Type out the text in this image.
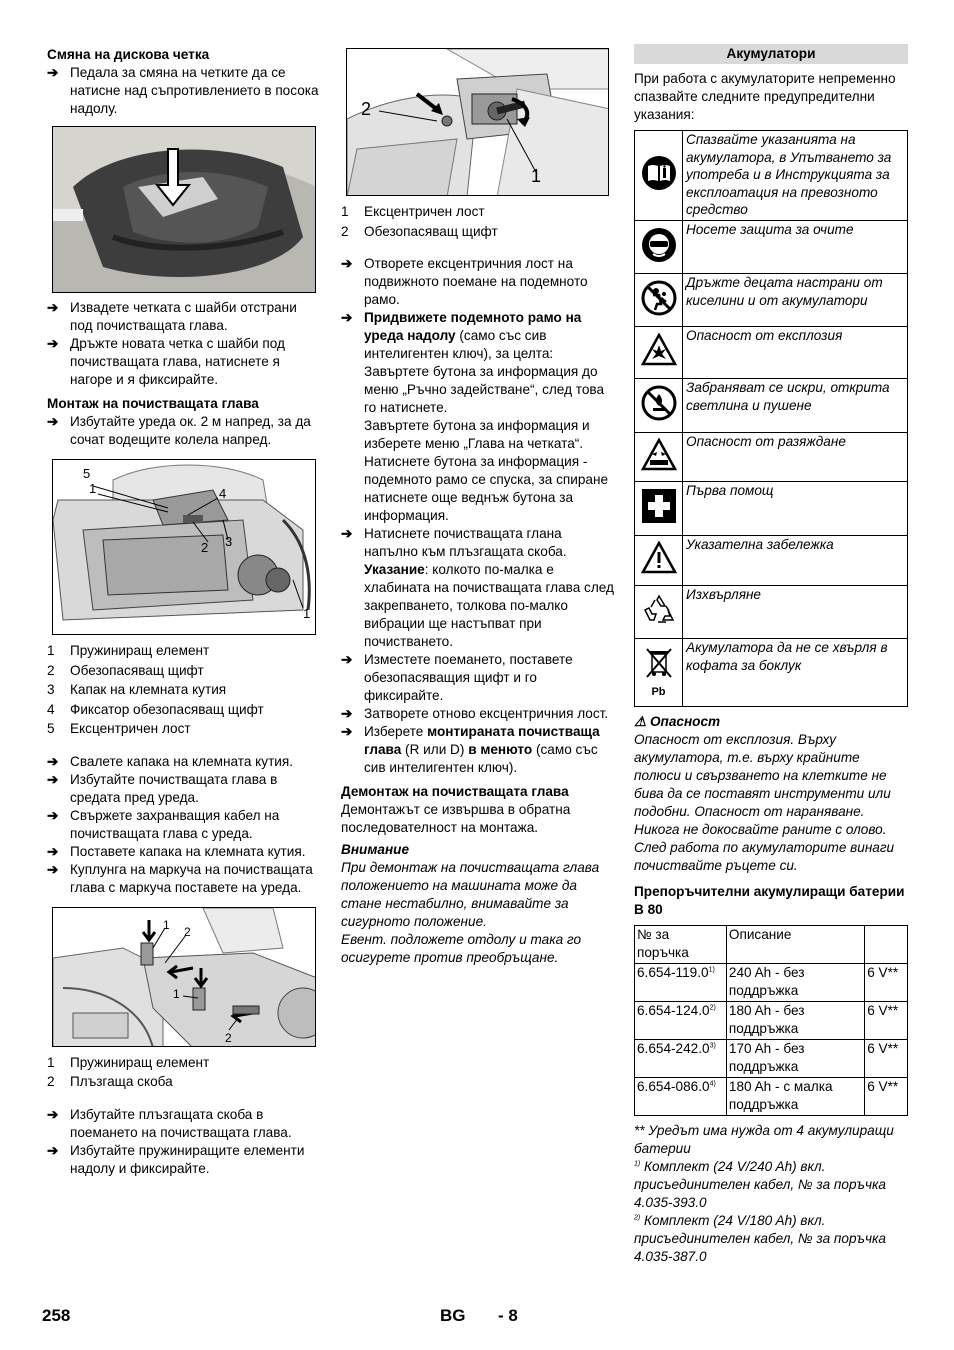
Смяна на дискова четка
➔ Педала за смяна на четките да се натисне над съпротивлението в посока надолу.
➔ Извадете четката с шайби отстрани под почистващата глава.
➔ Дръжте новата четка с шайби под почистващата глава, натиснете я нагоре и я фиксирайте.
Монтаж на почистващата глава
➔ Избутайте уреда ок. 2 м напред, за да сочат водещите колела напред.
5
1	4
2 3
1
1	Пружиниращ елемент
2	Обезопасяващ щифт
3	Капак на клемната кутия
4	Фиксатор обезопасяващ щифт
5	Ексцентричен лост
➔ Свалете капака на клемната кутия.
➔ Избутайте почистващата глава в средата пред уреда.
➔ Свържете захранващия кабел на почистващата глава с уреда.
➔ Поставете капака на клемната кутия.
➔ Куплунга на маркуча на почистващата глава с маркуча поставете на уреда.
1 2
1
2
1	Пружиниращ елемент
2	Плъзгаща скоба
➔ Избутайте плъзгащата скоба в поемането на почистващата глава.
➔ Избутайте пружиниращите елементи надолу и фиксирайте.
2
1
1	Ексцентричен лост
2	Обезопасяващ щифт
➔ Отворете ексцентричния лост на подвижното поемане на подемното рамо.
➔ Придвижете подемното рамо на уреда надолу (само със сив интелигентен ключ), за целта:
Завъртете бутона за информация до меню „Ръчно задействане“, след това го натиснете.
Завъртете бутона за информация и изберете меню „Глава на четката“.
Натиснете бутона за информация - подемното рамо се спуска, за спиране натиснете още веднъж бутона за информация.
➔ Натиснете почистващата глана напълно към плъзгащата скоба.
Указание: колкото по-малка е хлабината на почистващата глава след закрепването, толкова по-малко вибрации ще настъпват при почистването.
➔ Изместете поемането, поставете обезопасяващия щифт и го фиксирайте.
➔ Затворете отново ексцентричния лост.
➔ Изберете монтираната почистваща глава (R или D) в менюто (само със сив интелигентен ключ).
Демонтаж на почистващата глава
Демонтажът се извършва в обратна последователност на монтажа.
Внимание
При демонтаж на почистващата глава положението на машината може да стане нестабилно, внимавайте за сигурното положение.
Евент. подложете отдолу и така го осигурете против преобръщане.
Акумулатори
При работа с акумулаторите непременно спазвайте следните предупредителни указания:
	Спазвайте указанията на акумулатора, в Упътването за употреба и в Инструкцията за експлоатация на превозното средство
	Носете защита за очите
	Дръжте децата настрани от киселини и от акумулатори
	Опасност от експлозия
	Забраняват се искри, открита светлина и пушене
	Опасност от разяждане
	Първа помощ
	Указателна забележка
	Изхвърляне

Pb	Акумулатора да не се хвърля в кофата за боклук
⚠ Опасност
Опасност от експлозия. Върху акумулатора, т.е. върху крайните полюси и свързването на клетките не бива да се поставят инструменти или подобни. Опасност от нараняване. Никога не докосвайте раните с олово. След работа по акумулаторите винаги почиствайте ръцете си.
Препоръчителни акумулиращи батерии B 80
№ за поръчка	Описание	
6.654-119.0$^{1)}$	240 Ah - без поддръжка	6 V**
6.654-124.0$^{2)}$	180 Ah - без поддръжка	6 V**
6.654-242.0$^{3)}$	170 Ah - без поддръжка	6 V**
6.654-086.0$^{4)}$	180 Ah - с малка поддръжка	6 V**
** Уредът има нужда от 4 акумулиращи батерии
$^{1)}$ Комплект (24 V/240 Ah) вкл. присъединителен кабел, № за поръчка 4.035-393.0
$^{2)}$ Комплект (24 V/180 Ah) вкл. присъединителен кабел, № за поръчка 4.035-387.0
258	BG - 8
